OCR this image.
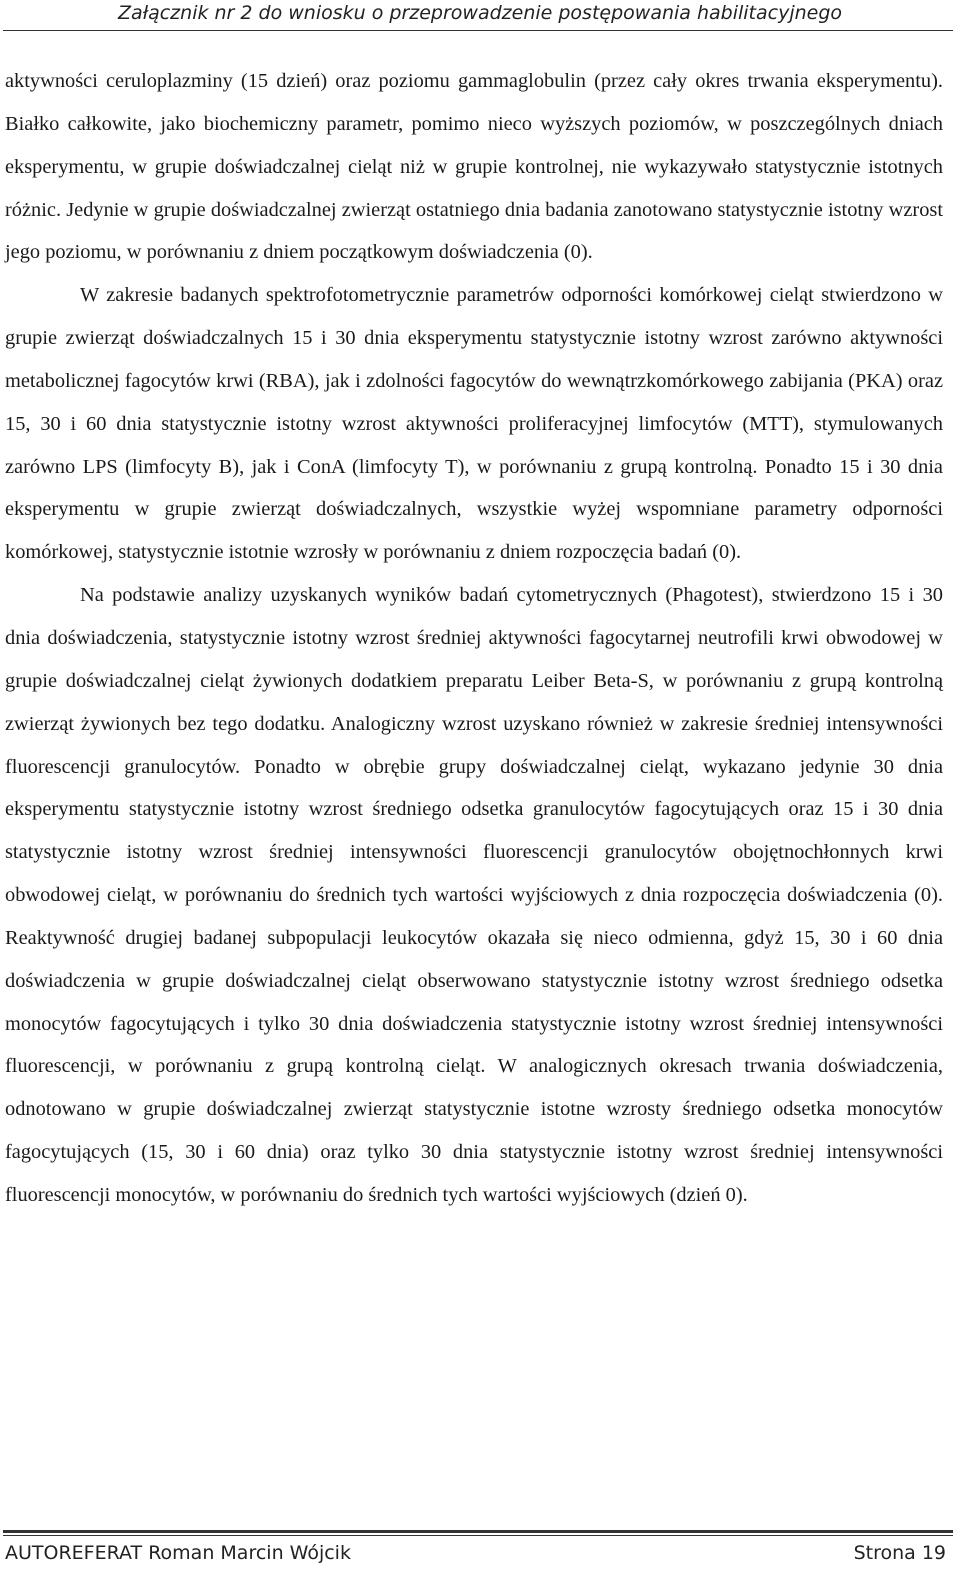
Załącznik nr 2 do wniosku o przeprowadzenie postępowania habilitacyjnego

aktywności ceruloplazminy (15 dzień) oraz poziomu gammaglobulin (przez cały okres trwania eksperymentu). Białko całkowite, jako biochemiczny parametr, pomimo nieco wyższych poziomów, w poszczególnych dniach eksperymentu, w grupie doświadczalnej cieląt niż w grupie kontrolnej, nie wykazywało statystycznie istotnych różnic. Jedynie w grupie doświadczalnej zwierząt ostatniego dnia badania zanotowano statystycznie istotny wzrost jego poziomu, w porównaniu z dniem początkowym doświadczenia (0).

W zakresie badanych spektrofotometrycznie parametrów odporności komórkowej cieląt stwierdzono w grupie zwierząt doświadczalnych 15 i 30 dnia eksperymentu statystycznie istotny wzrost zarówno aktywności metabolicznej fagocytów krwi (RBA), jak i zdolności fagocytów do wewnątrzkomórkowego zabijania (PKA) oraz 15, 30 i 60 dnia statystycznie istotny wzrost aktywności proliferacyjnej limfocytów (MTT), stymulowanych zarówno LPS (limfocyty B), jak i ConA (limfocyty T), w porównaniu z grupą kontrolną. Ponadto 15 i 30 dnia eksperymentu w grupie zwierząt doświadczalnych, wszystkie wyżej wspomniane parametry odporności komórkowej, statystycznie istotnie wzrosły w porównaniu z dniem rozpoczęcia badań (0).

Na podstawie analizy uzyskanych wyników badań cytometrycznych (Phagotest), stwierdzono 15 i 30 dnia doświadczenia, statystycznie istotny wzrost średniej aktywności fagocytarnej neutrofili krwi obwodowej w grupie doświadczalnej cieląt żywionych dodatkiem preparatu Leiber Beta-S, w porównaniu z grupą kontrolną zwierząt żywionych bez tego dodatku. Analogiczny wzrost uzyskano również w zakresie średniej intensywności fluorescencji granulocytów. Ponadto w obrębie grupy doświadczalnej cieląt, wykazano jedynie 30 dnia eksperymentu statystycznie istotny wzrost średniego odsetka granulocytów fagocytujących oraz 15 i 30 dnia statystycznie istotny wzrost średniej intensywności fluorescencji granulocytów obojętnochłonnych krwi obwodowej cieląt, w porównaniu do średnich tych wartości wyjściowych z dnia rozpoczęcia doświadczenia (0). Reaktywność drugiej badanej subpopulacji leukocytów okazała się nieco odmienna, gdyż 15, 30 i 60 dnia doświadczenia w grupie doświadczalnej cieląt obserwowano statystycznie istotny wzrost średniego odsetka monocytów fagocytujących i tylko 30 dnia doświadczenia statystycznie istotny wzrost średniej intensywności fluorescencji, w porównaniu z grupą kontrolną cieląt. W analogicznych okresach trwania doświadczenia, odnotowano w grupie doświadczalnej zwierząt statystycznie istotne wzrosty średniego odsetka monocytów fagocytujących (15, 30 i 60 dnia) oraz tylko 30 dnia statystycznie istotny wzrost średniej intensywności fluorescencji monocytów, w porównaniu do średnich tych wartości wyjściowych (dzień 0).

AUTOREFERAT Roman Marcin Wójcik	Strona 19
